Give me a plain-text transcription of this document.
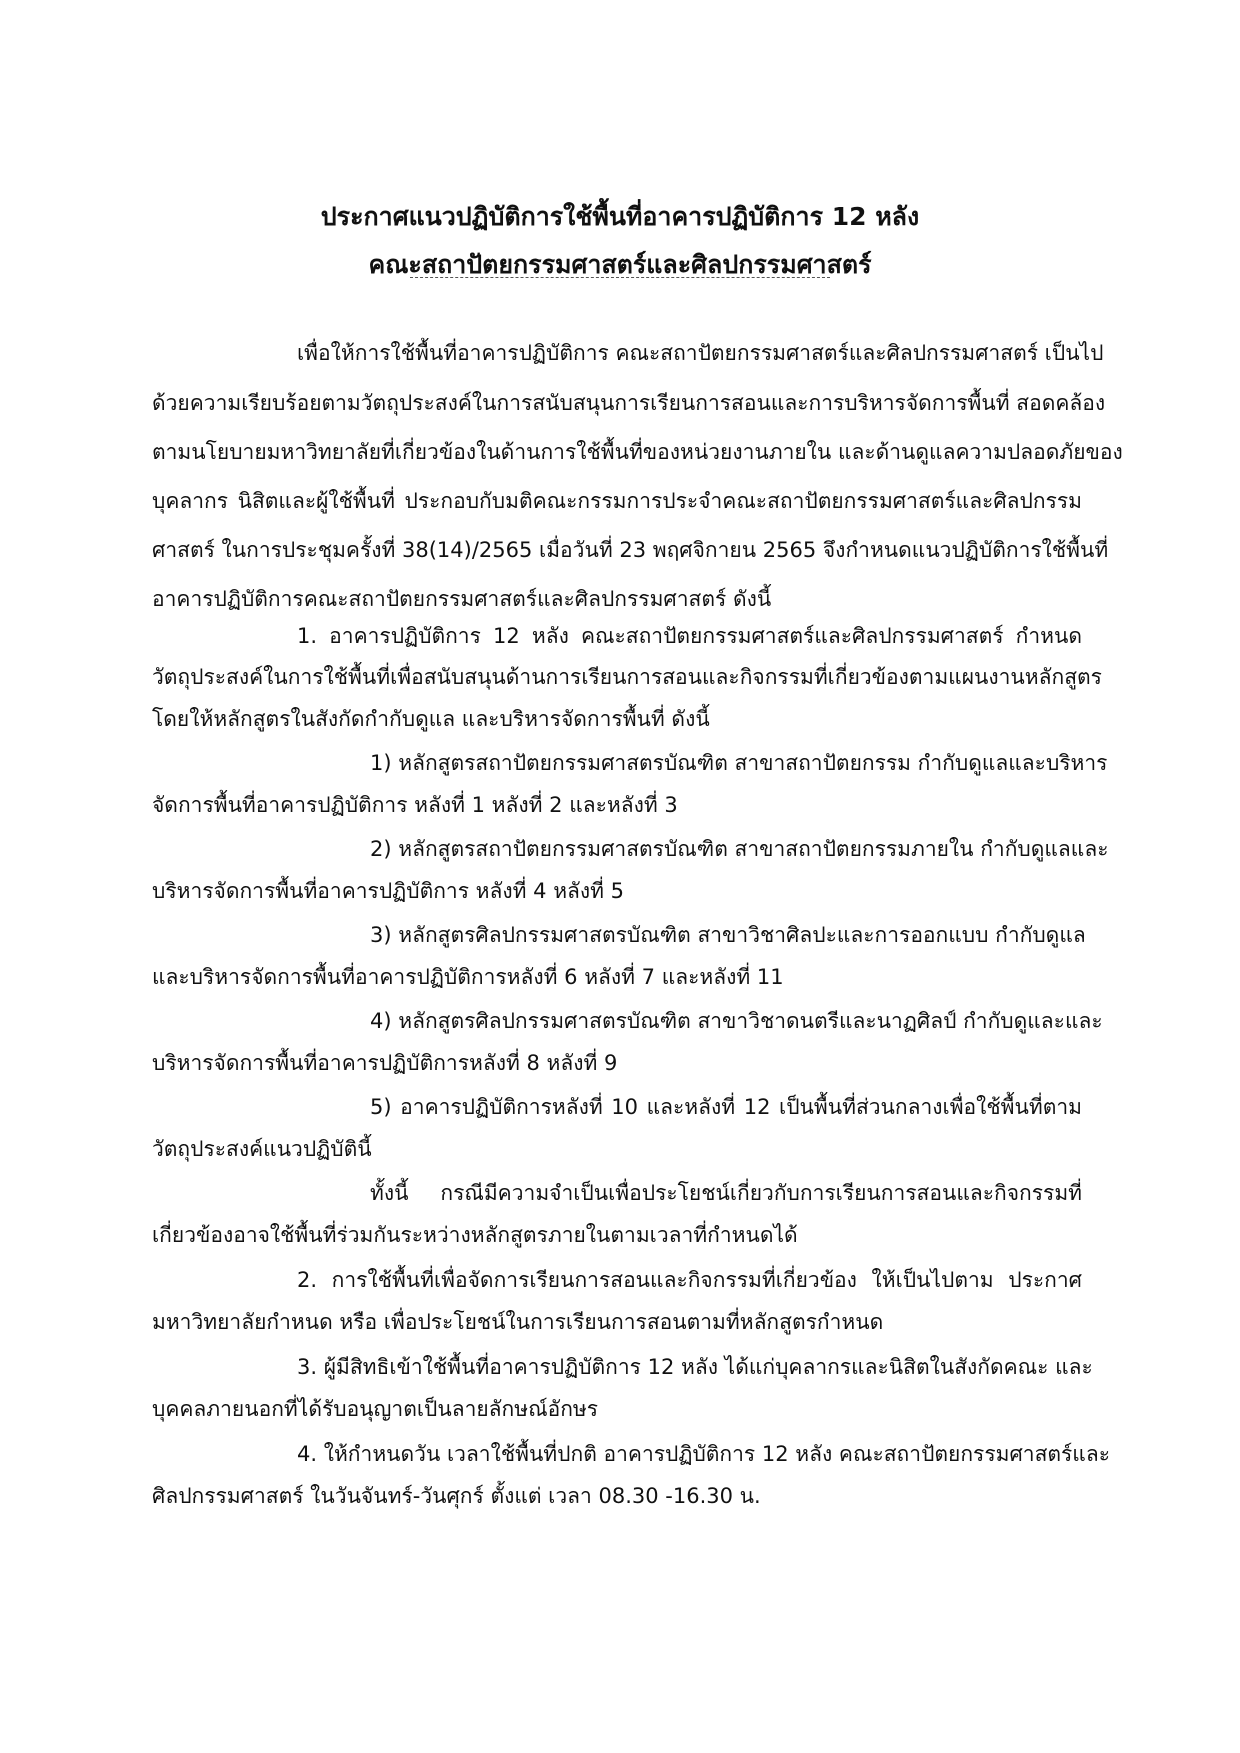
ประกาศแนวปฏิบัติการใช้พื้นที่อาคารปฏิบัติการ 12 หลัง
คณะสถาปัตยกรรมศาสตร์และศิลปกรรมศาสตร์
เพื่อให้การใช้พื้นที่อาคารปฏิบัติการ คณะสถาปัตยกรรมศาสตร์และศิลปกรรมศาสตร์ เป็นไป
ด้วยความเรียบร้อยตามวัตถุประสงค์ในการสนับสนุนการเรียนการสอนและการบริหารจัดการพื้นที่ สอดคล้อง
ตามนโยบายมหาวิทยาลัยที่เกี่ยวข้องในด้านการใช้พื้นที่ของหน่วยงานภายใน และด้านดูแลความปลอดภัยของ
บุคลากร นิสิตและผู้ใช้พื้นที่ ประกอบกับมติคณะกรรมการประจำคณะสถาปัตยกรรมศาสตร์และศิลปกรรม
ศาสตร์ ในการประชุมครั้งที่ 38(14)/2565 เมื่อวันที่ 23 พฤศจิกายน 2565 จึงกำหนดแนวปฏิบัติการใช้พื้นที่
อาคารปฏิบัติการคณะสถาปัตยกรรมศาสตร์และศิลปกรรมศาสตร์ ดังนี้
1. อาคารปฏิบัติการ 12 หลัง คณะสถาปัตยกรรมศาสตร์และศิลปกรรมศาสตร์ กำหนด
วัตถุประสงค์ในการใช้พื้นที่เพื่อสนับสนุนด้านการเรียนการสอนและกิจกรรมที่เกี่ยวข้องตามแผนงานหลักสูตร
โดยให้หลักสูตรในสังกัดกำกับดูแล และบริหารจัดการพื้นที่ ดังนี้
1) หลักสูตรสถาปัตยกรรมศาสตรบัณฑิต สาขาสถาปัตยกรรม กำกับดูแลและบริหาร
จัดการพื้นที่อาคารปฏิบัติการ หลังที่ 1 หลังที่ 2 และหลังที่ 3
2) หลักสูตรสถาปัตยกรรมศาสตรบัณฑิต สาขาสถาปัตยกรรมภายใน กำกับดูแลและ
บริหารจัดการพื้นที่อาคารปฏิบัติการ หลังที่ 4 หลังที่ 5
3) หลักสูตรศิลปกรรมศาสตรบัณฑิต สาขาวิชาศิลปะและการออกแบบ กำกับดูแล
และบริหารจัดการพื้นที่อาคารปฏิบัติการหลังที่ 6 หลังที่ 7 และหลังที่ 11
4) หลักสูตรศิลปกรรมศาสตรบัณฑิต สาขาวิชาดนตรีและนาฏศิลป์ กำกับดูและและ
บริหารจัดการพื้นที่อาคารปฏิบัติการหลังที่ 8 หลังที่ 9
5) อาคารปฏิบัติการหลังที่ 10 และหลังที่ 12 เป็นพื้นที่ส่วนกลางเพื่อใช้พื้นที่ตาม
วัตถุประสงค์แนวปฏิบัตินี้
ทั้งนี้ กรณีมีความจำเป็นเพื่อประโยชน์เกี่ยวกับการเรียนการสอนและกิจกรรมที่
เกี่ยวข้องอาจใช้พื้นที่ร่วมกันระหว่างหลักสูตรภายในตามเวลาที่กำหนดได้
2. การใช้พื้นที่เพื่อจัดการเรียนการสอนและกิจกรรมที่เกี่ยวข้อง ให้เป็นไปตาม ประกาศ
มหาวิทยาลัยกำหนด หรือ เพื่อประโยชน์ในการเรียนการสอนตามที่หลักสูตรกำหนด
3. ผู้มีสิทธิเข้าใช้พื้นที่อาคารปฏิบัติการ 12 หลัง ได้แก่บุคลากรและนิสิตในสังกัดคณะ และ
บุคคลภายนอกที่ได้รับอนุญาตเป็นลายลักษณ์อักษร
4. ให้กำหนดวัน เวลาใช้พื้นที่ปกติ อาคารปฏิบัติการ 12 หลัง คณะสถาปัตยกรรมศาสตร์และ
ศิลปกรรมศาสตร์ ในวันจันทร์-วันศุกร์ ตั้งแต่ เวลา 08.30 -16.30 น.
